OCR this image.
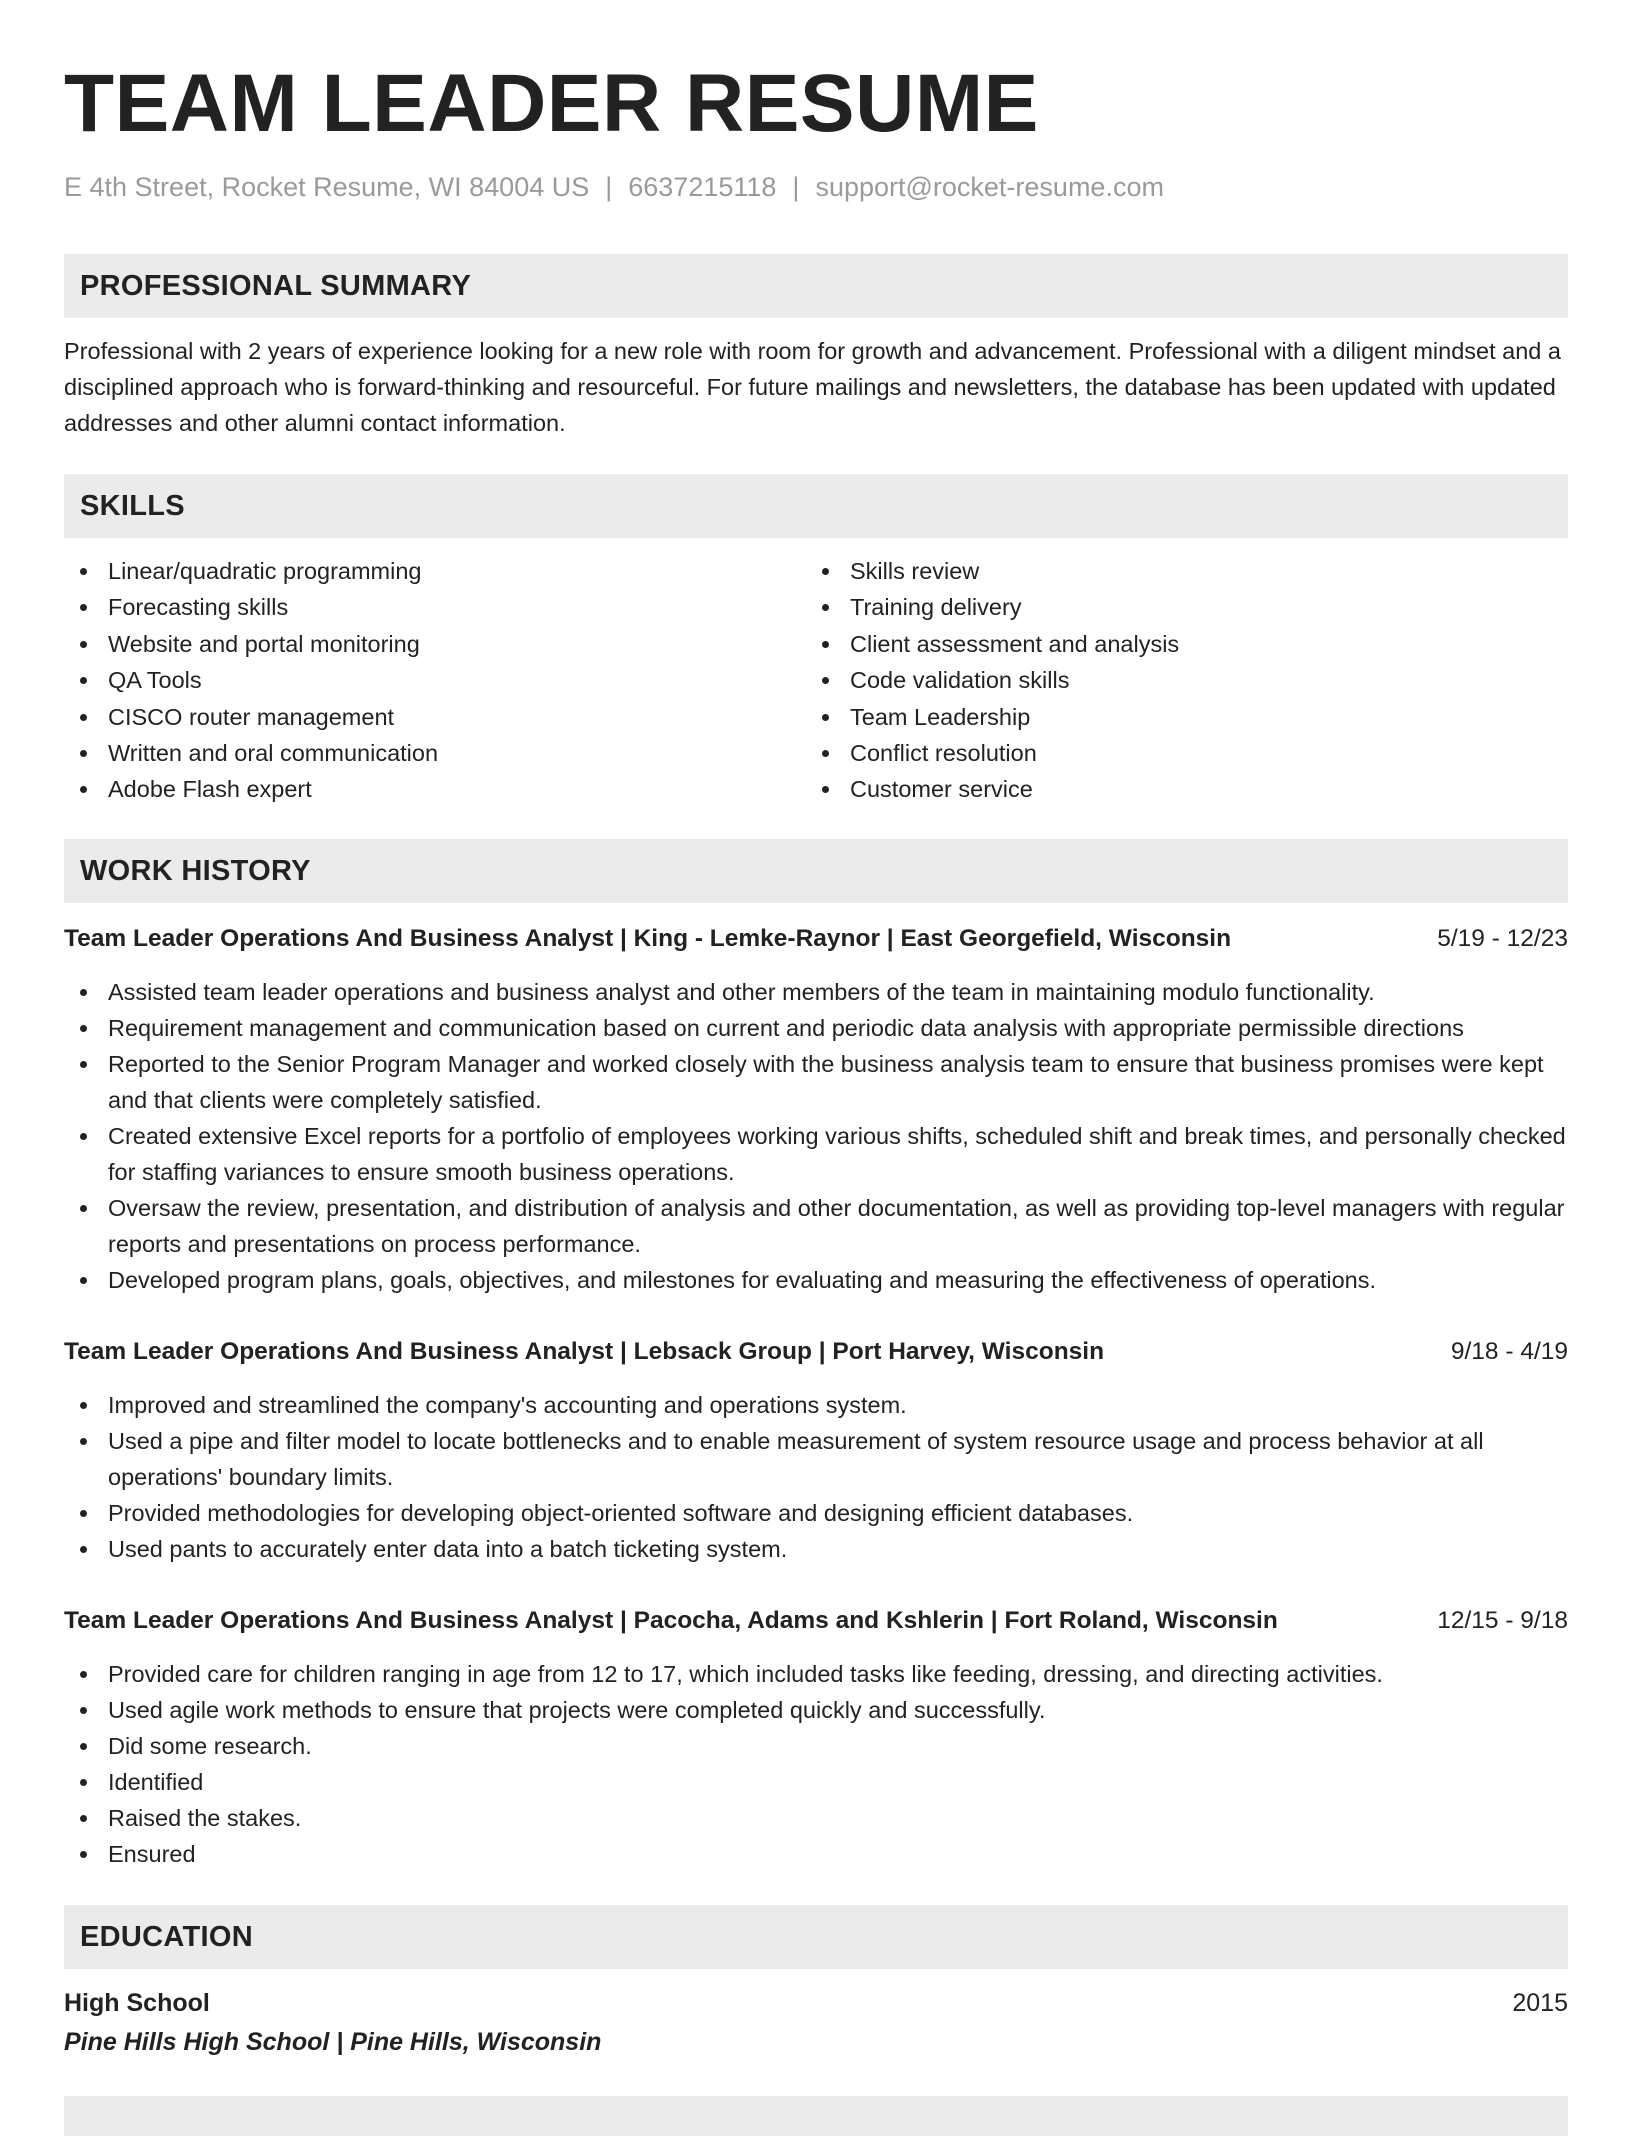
TEAM LEADER RESUME
E 4th Street, Rocket Resume, WI 84004 US | 6637215118 | support@rocket-resume.com
PROFESSIONAL SUMMARY
Professional with 2 years of experience looking for a new role with room for growth and advancement. Professional with a diligent mindset and a disciplined approach who is forward-thinking and resourceful. For future mailings and newsletters, the database has been updated with updated addresses and other alumni contact information.
SKILLS
Linear/quadratic programming
Forecasting skills
Website and portal monitoring
QA Tools
CISCO router management
Written and oral communication
Adobe Flash expert
Skills review
Training delivery
Client assessment and analysis
Code validation skills
Team Leadership
Conflict resolution
Customer service
WORK HISTORY
Team Leader Operations And Business Analyst | King - Lemke-Raynor | East Georgefield, Wisconsin	5/19 - 12/23
Assisted team leader operations and business analyst and other members of the team in maintaining modulo functionality.
Requirement management and communication based on current and periodic data analysis with appropriate permissible directions
Reported to the Senior Program Manager and worked closely with the business analysis team to ensure that business promises were kept and that clients were completely satisfied.
Created extensive Excel reports for a portfolio of employees working various shifts, scheduled shift and break times, and personally checked for staffing variances to ensure smooth business operations.
Oversaw the review, presentation, and distribution of analysis and other documentation, as well as providing top-level managers with regular reports and presentations on process performance.
Developed program plans, goals, objectives, and milestones for evaluating and measuring the effectiveness of operations.
Team Leader Operations And Business Analyst | Lebsack Group | Port Harvey, Wisconsin	9/18 - 4/19
Improved and streamlined the company's accounting and operations system.
Used a pipe and filter model to locate bottlenecks and to enable measurement of system resource usage and process behavior at all operations' boundary limits.
Provided methodologies for developing object-oriented software and designing efficient databases.
Used pants to accurately enter data into a batch ticketing system.
Team Leader Operations And Business Analyst | Pacocha, Adams and Kshlerin | Fort Roland, Wisconsin	12/15 - 9/18
Provided care for children ranging in age from 12 to 17, which included tasks like feeding, dressing, and directing activities.
Used agile work methods to ensure that projects were completed quickly and successfully.
Did some research.
Identified
Raised the stakes.
Ensured
EDUCATION
High School	2015
Pine Hills High School | Pine Hills, Wisconsin
